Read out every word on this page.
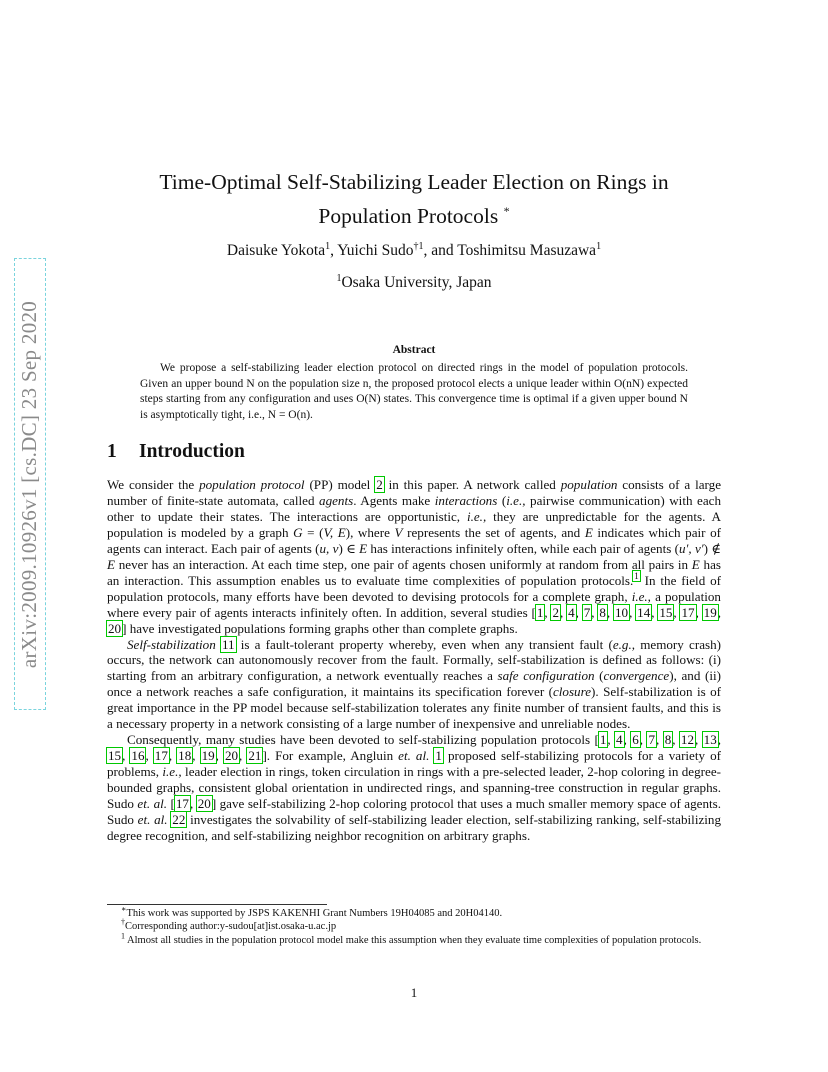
arXiv:2009.10926v1 [cs.DC] 23 Sep 2020
Time-Optimal Self-Stabilizing Leader Election on Rings in
Population Protocols *
Daisuke Yokota$^1$, Yuichi Sudo$^{\dagger 1}$, and Toshimitsu Masuzawa$^1$
$^1$Osaka University, Japan
Abstract
We propose a self-stabilizing leader election protocol on directed rings in the model of population protocols. Given an upper bound N on the population size n, the proposed protocol elects a unique leader within O(nN) expected steps starting from any configuration and uses O(N) states. This convergence time is optimal if a given upper bound N is asymptotically tight, i.e., N = O(n).
1 Introduction

We consider the population protocol (PP) model 2 in this paper. A network called population consists of a large number of finite-state automata, called agents. Agents make interactions (i.e., pairwise communication) with each other to update their states. The interactions are opportunistic, i.e., they are unpredictable for the agents. A population is modeled by a graph G = (V, E), where V represents the set of agents, and E indicates which pair of agents can interact. Each pair of agents (u, v) ∈ E has interactions infinitely often, while each pair of agents (u′, v′) ∉ E never has an interaction. At each time step, one pair of agents chosen uniformly at random from all pairs in E has an interaction. This assumption enables us to evaluate time complexities of population protocols.$^1$ In the field of population protocols, many efforts have been devoted to devising protocols for a complete graph, i.e., a population where every pair of agents interacts infinitely often. In addition, several studies [1, 2, 4, 7, 8, 10, 14, 15, 17, 19, 20] have investigated populations forming graphs other than complete graphs.

Self-stabilization 11 is a fault-tolerant property whereby, even when any transient fault (e.g., memory crash) occurs, the network can autonomously recover from the fault. Formally, self-stabilization is defined as follows: (i) starting from an arbitrary configuration, a network eventually reaches a safe configuration (convergence), and (ii) once a network reaches a safe configuration, it maintains its specification forever (closure). Self-stabilization is of great importance in the PP model because self-stabilization tolerates any finite number of transient faults, and this is a necessary property in a network consisting of a large number of inexpensive and unreliable nodes.

Consequently, many studies have been devoted to self-stabilizing population protocols [1, 4, 6, 7, 8, 12, 13, 15, 16, 17, 18, 19, 20, 21]. For example, Angluin et. al. 1 proposed self-stabilizing protocols for a variety of problems, i.e., leader election in rings, token circulation in rings with a pre-selected leader, 2-hop coloring in degree-bounded graphs, consistent global orientation in undirected rings, and spanning-tree construction in regular graphs. Sudo et. al. [17, 20] gave self-stabilizing 2-hop coloring protocol that uses a much smaller memory space of agents. Sudo et. al. 22 investigates the solvability of self-stabilizing leader election, self-stabilizing ranking, self-stabilizing degree recognition, and self-stabilizing neighbor recognition on arbitrary graphs.

∗This work was supported by JSPS KAKENHI Grant Numbers 19H04085 and 20H04140.
†Corresponding author:y-sudou[at]ist.osaka-u.ac.jp
$^1$ Almost all studies in the population protocol model make this assumption when they evaluate time complexities of population protocols.
1
